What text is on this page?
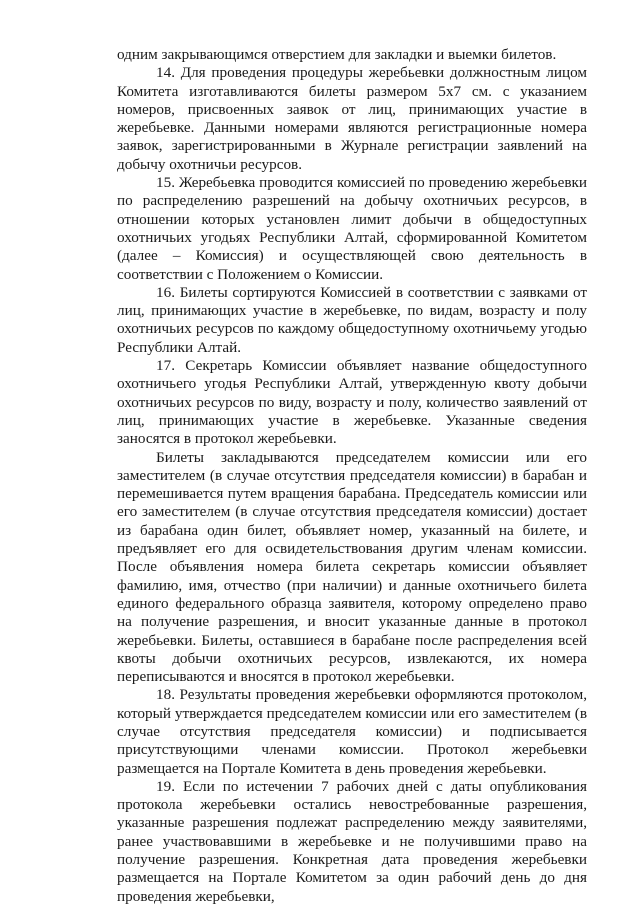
одним закрывающимся отверстием для закладки и выемки билетов.

14. Для проведения процедуры жеребьевки должностным лицом Комитета изготавливаются билеты размером 5х7 см. с указанием номеров, присвоенных заявок от лиц, принимающих участие в жеребьевке. Данными номерами являются регистрационные номера заявок, зарегистрированными в Журнале регистрации заявлений на добычу охотничьи ресурсов.

15. Жеребьевка проводится комиссией по проведению жеребьевки по распределению разрешений на добычу охотничьих ресурсов, в отношении которых установлен лимит добычи в общедоступных охотничьих угодьях Республики Алтай, сформированной Комитетом (далее – Комиссия) и осуществляющей свою деятельность в соответствии с Положением о Комиссии.

16. Билеты сортируются Комиссией в соответствии с заявками от лиц, принимающих участие в жеребьевке, по видам, возрасту и полу охотничьих ресурсов по каждому общедоступному охотничьему угодью Республики Алтай.

17. Секретарь Комиссии объявляет название общедоступного охотничьего угодья Республики Алтай, утвержденную квоту добычи охотничьих ресурсов по виду, возрасту и полу, количество заявлений от лиц, принимающих участие в жеребьевке. Указанные сведения заносятся в протокол жеребьевки.

Билеты закладываются председателем комиссии или его заместителем (в случае отсутствия председателя комиссии) в барабан и перемешивается путем вращения барабана. Председатель комиссии или его заместителем (в случае отсутствия председателя комиссии) достает из барабана один билет, объявляет номер, указанный на билете, и предъявляет его для освидетельствования другим членам комиссии. После объявления номера билета секретарь комиссии объявляет фамилию, имя, отчество (при наличии) и данные охотничьего билета единого федерального образца заявителя, которому определено право на получение разрешения, и вносит указанные данные в протокол жеребьевки. Билеты, оставшиеся в барабане после распределения всей квоты добычи охотничьих ресурсов, извлекаются, их номера переписываются и вносятся в протокол жеребьевки.

18. Результаты проведения жеребьевки оформляются протоколом, который утверждается председателем комиссии или его заместителем (в случае отсутствия председателя комиссии) и подписывается присутствующими членами комиссии. Протокол жеребьевки размещается на Портале Комитета в день проведения жеребьевки.

19. Если по истечении 7 рабочих дней с даты опубликования протокола жеребьевки остались невостребованные разрешения, указанные разрешения подлежат распределению между заявителями, ранее участвовавшими в жеребьевке и не получившими право на получение разрешения. Конкретная дата проведения жеребьевки размещается на Портале Комитетом за один рабочий день до дня проведения жеребьевки,
